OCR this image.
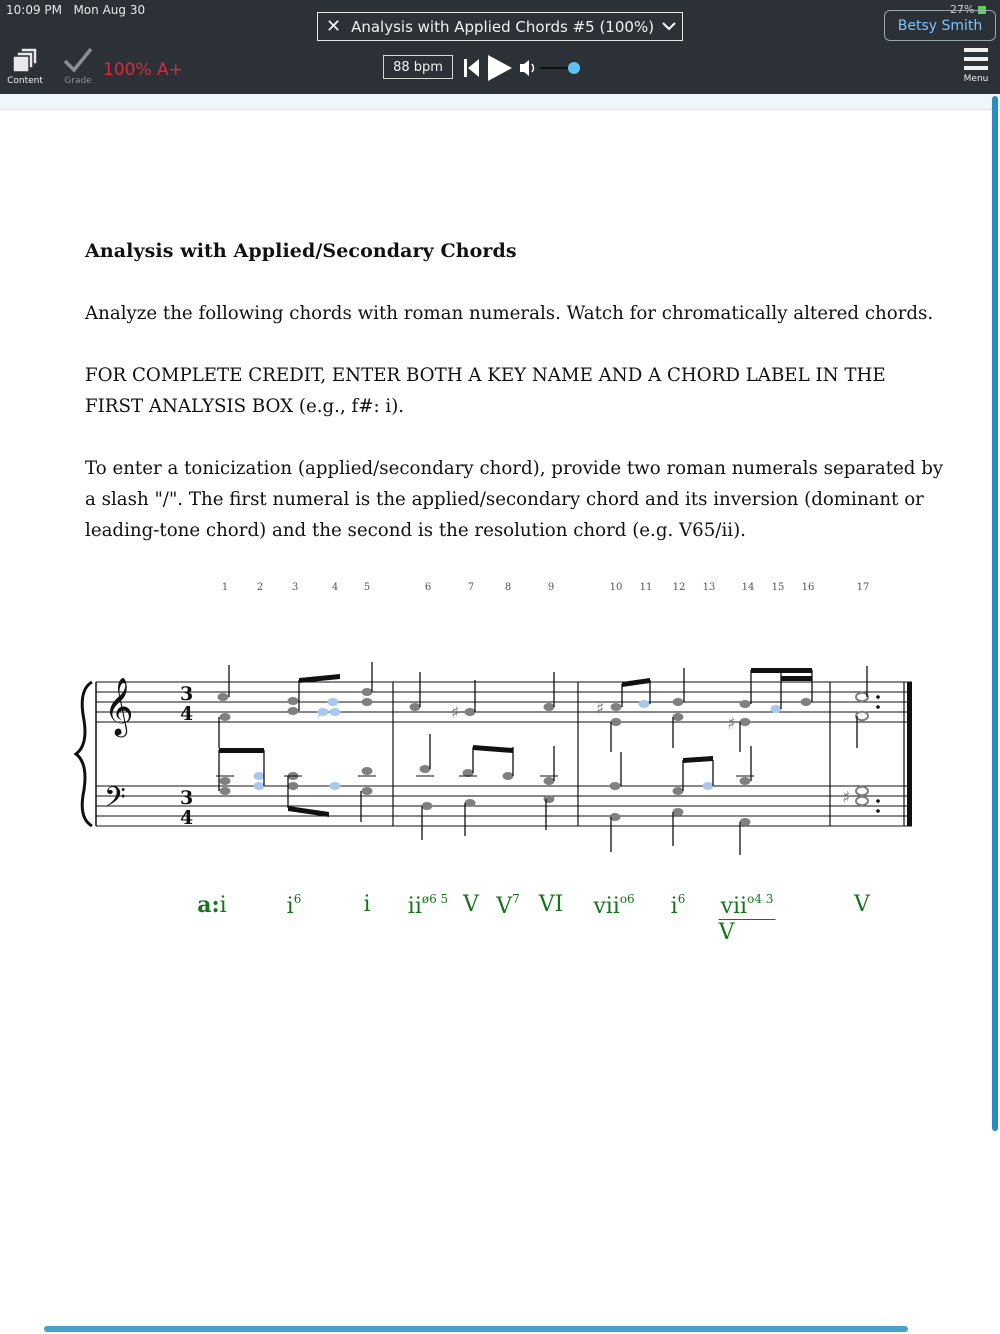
10:09 PM Mon Aug 30	27%
✕ Analysis with Applied Chords #5 (100%)	Betsy Smith
Content	Grade
100% A+	88 bpm
Menu
Analysis with Applied/Secondary Chords

Analyze the following chords with roman numerals. Watch for chromatically altered chords.

FOR COMPLETE CREDIT, ENTER BOTH A KEY NAME AND A CHORD LABEL IN THE FIRST ANALYSIS BOX (e.g., f#: i).

To enter a tonicization (applied/secondary chord), provide two roman numerals separated by a slash "/". The first numeral is the applied/secondary chord and its inversion (dominant or leading-tone chord) and the second is the resolution chord (e.g. V65/ii).

1	2	3	4	5	6	7	8	9	10 11 12 13	14 15 16	17
𝄞
𝄢
3
4
3
4
♯	♯
♯
♯
♯
a:i	$i^6$	i $ii^{ø6 5}$ V $V^7$ VI vii$^{o6}$ $i^6$ vii$^{o4 3}$
V
V
